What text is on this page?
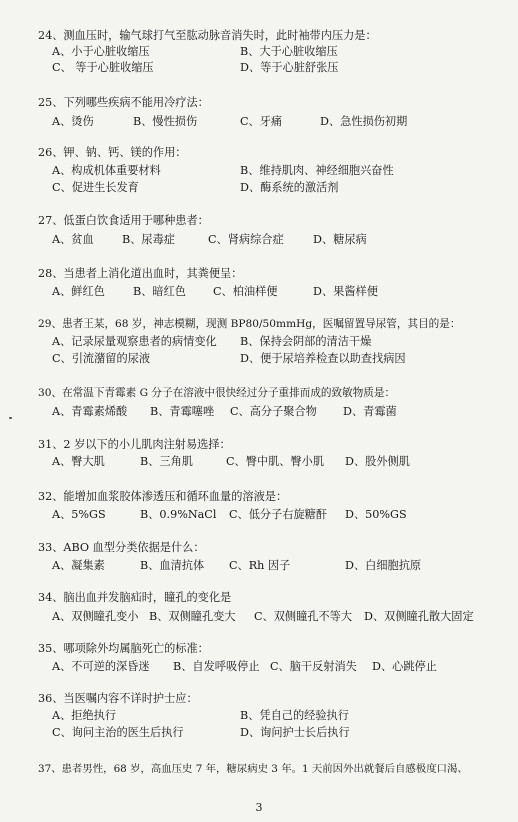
24、测血压时，输气球打气至肱动脉音消失时，此时袖带内压力是：
A、小于心脏收缩压	B、大于心脏收缩压
C、 等于心脏收缩压	D、等于心脏舒张压
25、下列哪些疾病不能用冷疗法：
A、烫伤	B、慢性损伤	C、牙痛	D、急性损伤初期
26、钾、钠、钙、镁的作用：
A、构成机体重要材料	B、维持肌肉、神经细胞兴奋性
C、促进生长发育	D、酶系统的激活剂
27、低蛋白饮食适用于哪种患者：
A、贫血	B、尿毒症	C、肾病综合症	D、糖尿病
28、当患者上消化道出血时，其粪便呈：
A、鲜红色	B、暗红色 C、柏油样便	D、果酱样便
29、患者王某，68 岁，神志模糊，现测 BP80/50mmHg，医嘱留置导尿管，其目的是：
A、记录尿量观察患者的病情变化 B、保持会阴部的清洁干燥
C、引流潴留的尿液	D、便于尿培养检查以助查找病因
30、在常温下青霉素 G 分子在溶液中很快经过分子重排而成的致敏物质是：
A、青霉素烯酸 B、青霉噻唑 C、高分子聚合物 D、青霉菌
31、2 岁以下的小儿肌肉注射易选择：
A、臀大肌	B、三角肌	C、臀中肌、臀小肌 D、股外侧肌
32、能增加血浆胶体渗透压和循环血量的溶液是：
A、5%GS	B、0.9%NaCl C、低分子右旋糖酐 D、50%GS
33、ABO 血型分类依据是什么：
A、凝集素	B、血清抗体 C、Rh 因子	D、白细胞抗原
34、脑出血并发脑疝时，瞳孔的变化是
A、双侧瞳孔变小 B、双侧瞳孔变大 C、双侧瞳孔不等大 D、双侧瞳孔散大固定
35、哪项除外均属脑死亡的标准：
A、不可逆的深昏迷 B、自发呼吸停止 C、脑干反射消失 D、心跳停止
36、当医嘱内容不详时护士应：
A、拒绝执行	B、凭自己的经验执行
C、询问主治的医生后执行	D、询问护士长后执行
37、患者男性，68 岁，高血压史 7 年，糖尿病史 3 年。1 天前因外出就餐后自感极度口渴、
3
